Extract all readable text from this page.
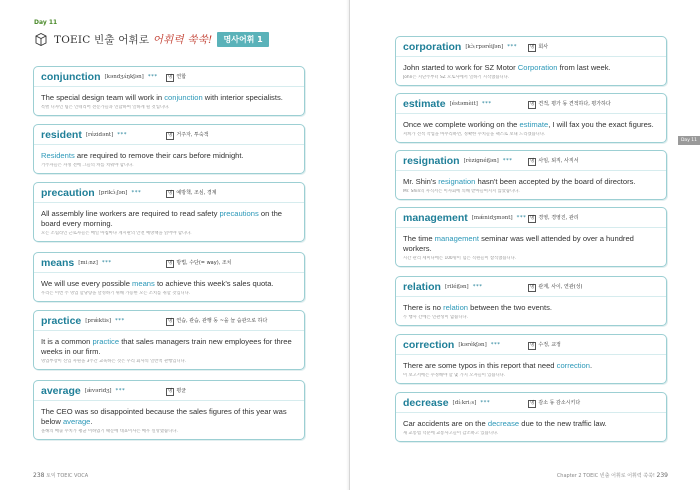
Day 11
TOEIC 빈출 어휘로 어휘력 쑥쑥!	명사어휘 1
conjunction [kəndʒʌ́ŋkʃən] ***	명 연합
The special design team will work in conjunction with interior specialists.
특별 디자인 팀은 인테리어 전문가들과 연합하여 일하게 될 것입니다.
resident [rézidənt] ***	명 거주자, 투숙객
Residents are required to remove their cars before midnight.
거주자들은 자정 전에 그들의 차를 치워야 합니다.
precaution [prikɔ́ːʃən] ***	명 예방책, 조심, 경계
All assembly line workers are required to read safety precautions on the board every morning.
모든 조립라인 근로자들은 매일 아침마다 게시판의 안전 예방책을 읽어야 합니다.
means [miːnz] ***	명 방법, 수단(= way), 조치
We will use every possible means to achieve this week's sales quota.
우리는 이번 주 영업 할당량을 달성하기 위해 가능한 모든 조치를 취할 것입니다.
practice [prǽktis] ***	명 연습, 관습, 관행 동 ~을 늘 습관으로 하다
It is a common practice that sales managers train new employees for three weeks in our firm.
영업부장이 신입 사원을 3주간 교육하는 것은 우리 회사의 일반적 관행입니다.
average [ǽvəridʒ] ***	명 평균
The CEO was so disappointed because the sales figures of this year was below average.
올해의 매출 수치가 평균 이하였기 때문에 대표이사는 매우 실망했습니다.
238 토익 TOEIC VOCA
corporation [kɔ̀ːrpəréiʃən] ***	명 회사
John started to work for SZ Motor Corporation from last week.
John은 지난주부터 SZ 모토사에서 일하기 시작했습니다.
estimate [éstəmèit] ***	명 견적, 평가 동 견적하다, 평가하다
Once we complete working on the estimate, I will fax you the exact figures.
저희가 견적 작업을 마무리하면, 정확한 수치들을 팩스로 보내 드리겠습니다.
resignation [rèzignéiʃən] ***	명 사임, 퇴직, 사직서
Mr. Shin's resignation hasn't been accepted by the board of directors.
Mr. Shin의 사직서는 이사회에 의해 받아들여지지 않았습니다.
management [mǽnidʒmənt] *** 명 경영, 경영진, 관리
The time management seminar was well attended by over a hundred workers.
시간 관리 세미나에는 100명이 넘는 직원들이 참석했습니다.
relation [riléiʃən] ***	명 관계, 사이, 연관(성)
There is no relation between the two events.
두 행사 간에는 연관성이 없습니다.
correction [kərékʃən] ***	명 수정, 교정
There are some typos in this report that need correction.
이 보고서에는 수정해야 할 몇 가지 오자들이 있습니다.
decrease [díːkriːs] ***	명 감소 동 감소시키다
Car accidents are on the decrease due to the new traffic law.
새 교통법 덕분에 교통사고들이 감소하고 있습니다.
Day 11
Chapter 2 TOEIC 빈출 어휘로 어휘력 쑥쑥! 239
